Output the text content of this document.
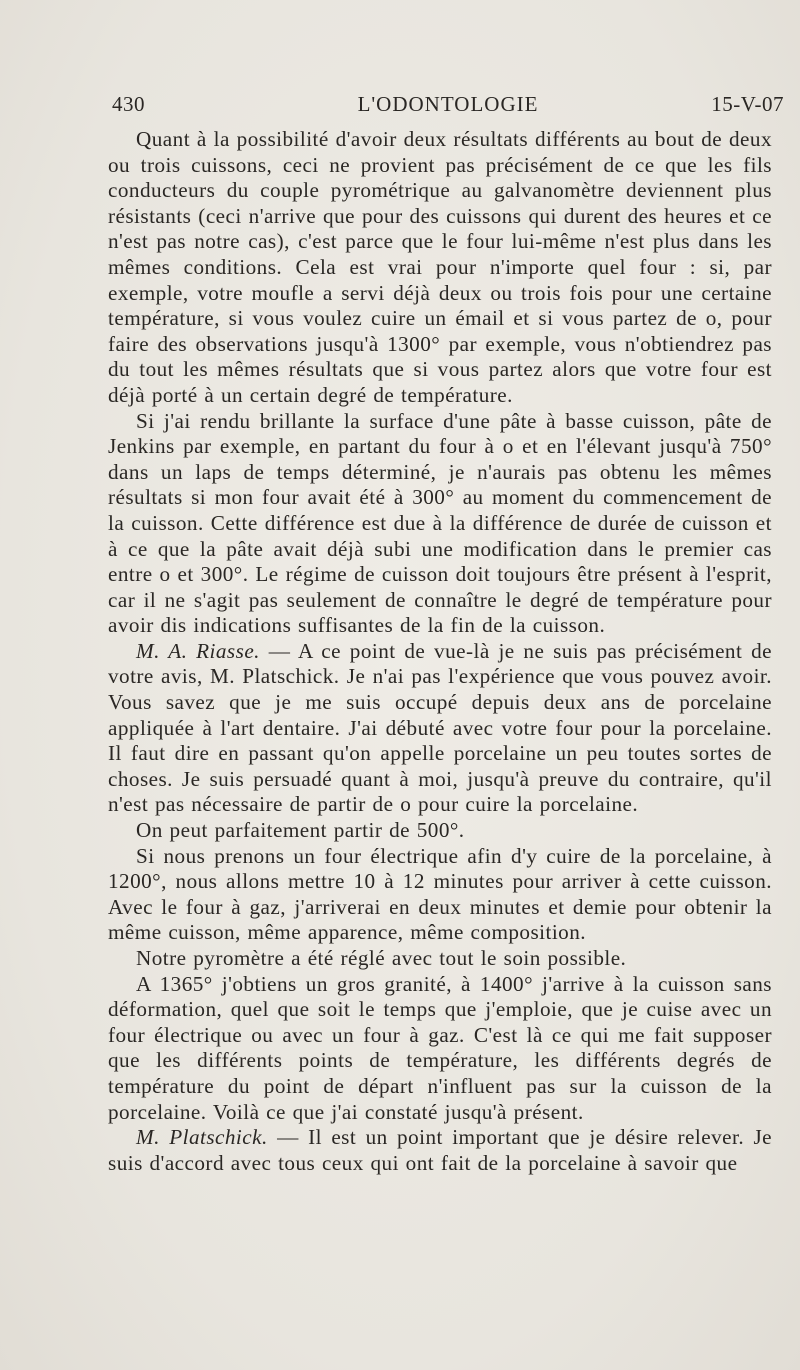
430	L'ODONTOLOGIE	15-V-07

Quant à la possibilité d'avoir deux résultats différents au bout de deux ou trois cuissons, ceci ne provient pas précisément de ce que les fils conducteurs du couple pyrométrique au galvanomètre deviennent plus résistants (ceci n'arrive que pour des cuissons qui durent des heures et ce n'est pas notre cas), c'est parce que le four lui-même n'est plus dans les mêmes conditions. Cela est vrai pour n'importe quel four : si, par exemple, votre moufle a servi déjà deux ou trois fois pour une certaine température, si vous voulez cuire un émail et si vous partez de o, pour faire des observations jusqu'à 1300° par exemple, vous n'obtiendrez pas du tout les mêmes résultats que si vous partez alors que votre four est déjà porté à un certain degré de température.

Si j'ai rendu brillante la surface d'une pâte à basse cuisson, pâte de Jenkins par exemple, en partant du four à o et en l'élevant jusqu'à 750° dans un laps de temps déterminé, je n'aurais pas obtenu les mêmes résultats si mon four avait été à 300° au moment du commencement de la cuisson. Cette différence est due à la différence de durée de cuisson et à ce que la pâte avait déjà subi une modification dans le premier cas entre o et 300°. Le régime de cuisson doit toujours être présent à l'esprit, car il ne s'agit pas seulement de connaître le degré de température pour avoir dis indications suffisantes de la fin de la cuisson.

M. A. Riasse. — A ce point de vue-là je ne suis pas précisément de votre avis, M. Platschick. Je n'ai pas l'expérience que vous pouvez avoir. Vous savez que je me suis occupé depuis deux ans de porcelaine appliquée à l'art dentaire. J'ai débuté avec votre four pour la porcelaine. Il faut dire en passant qu'on appelle porcelaine un peu toutes sortes de choses. Je suis persuadé quant à moi, jusqu'à preuve du contraire, qu'il n'est pas nécessaire de partir de o pour cuire la porcelaine.

On peut parfaitement partir de 500°.

Si nous prenons un four électrique afin d'y cuire de la porcelaine, à 1200°, nous allons mettre 10 à 12 minutes pour arriver à cette cuisson. Avec le four à gaz, j'arriverai en deux minutes et demie pour obtenir la même cuisson, même apparence, même composition.

Notre pyromètre a été réglé avec tout le soin possible.

A 1365° j'obtiens un gros granité, à 1400° j'arrive à la cuisson sans déformation, quel que soit le temps que j'emploie, que je cuise avec un four électrique ou avec un four à gaz. C'est là ce qui me fait supposer que les différents points de température, les différents degrés de température du point de départ n'influent pas sur la cuisson de la porcelaine. Voilà ce que j'ai constaté jusqu'à présent.

M. Platschick. — Il est un point important que je désire relever. Je suis d'accord avec tous ceux qui ont fait de la porcelaine à savoir que
